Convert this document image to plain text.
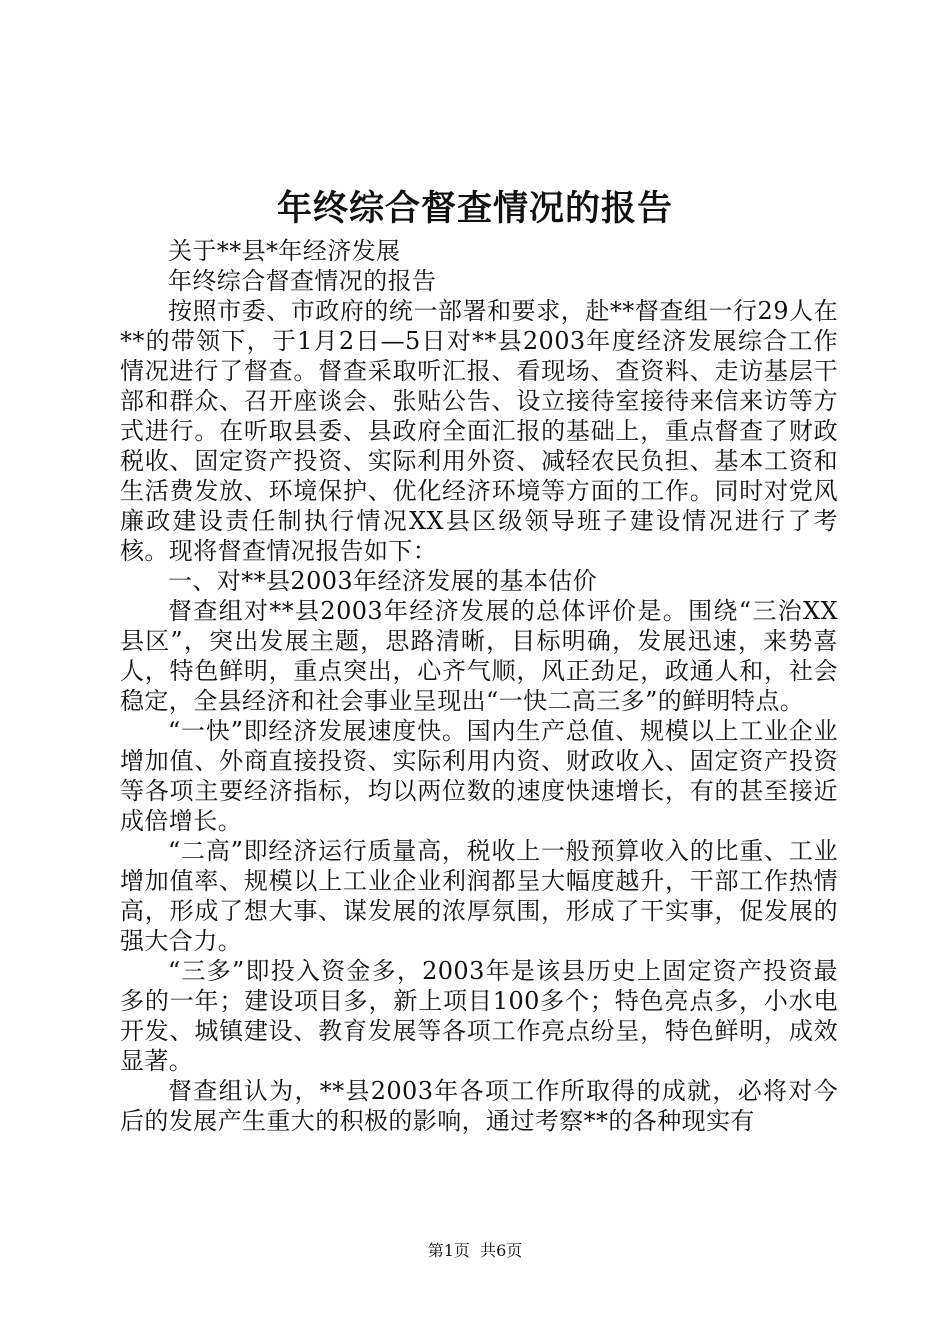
年终综合督查情况的报告

关于**县*年经济发展

年终综合督查情况的报告

按照市委、市政府的统一部署和要求，赴**督查组一行29人在**的带领下，于1月2日—5日对**县2003年度经济发展综合工作情况进行了督查。督查采取听汇报、看现场、查资料、走访基层干部和群众、召开座谈会、张贴公告、设立接待室接待来信来访等方式进行。在听取县委、县政府全面汇报的基础上，重点督查了财政税收、固定资产投资、实际利用外资、减轻农民负担、基本工资和生活费发放、环境保护、优化经济环境等方面的工作。同时对党风廉政建设责任制执行情况XX县区级领导班子建设情况进行了考核。现将督查情况报告如下：

一、对**县2003年经济发展的基本估价

督查组对**县2003年经济发展的总体评价是。围绕“三治XX县区”，突出发展主题，思路清晰，目标明确，发展迅速，来势喜人，特色鲜明，重点突出，心齐气顺，风正劲足，政通人和，社会稳定，全县经济和社会事业呈现出“一快二高三多”的鲜明特点。

“一快”即经济发展速度快。国内生产总值、规模以上工业企业增加值、外商直接投资、实际利用内资、财政收入、固定资产投资等各项主要经济指标，均以两位数的速度快速增长，有的甚至接近成倍增长。

“二高”即经济运行质量高，税收上一般预算收入的比重、工业增加值率、规模以上工业企业利润都呈大幅度越升，干部工作热情高，形成了想大事、谋发展的浓厚氛围，形成了干实事，促发展的强大合力。

“三多”即投入资金多，2003年是该县历史上固定资产投资最多的一年；建设项目多，新上项目100多个；特色亮点多，小水电开发、城镇建设、教育发展等各项工作亮点纷呈，特色鲜明，成效显著。

督查组认为，**县2003年各项工作所取得的成就，必将对今后的发展产生重大的积极的影响，通过考察**的各种现实有

第1页 共6页
